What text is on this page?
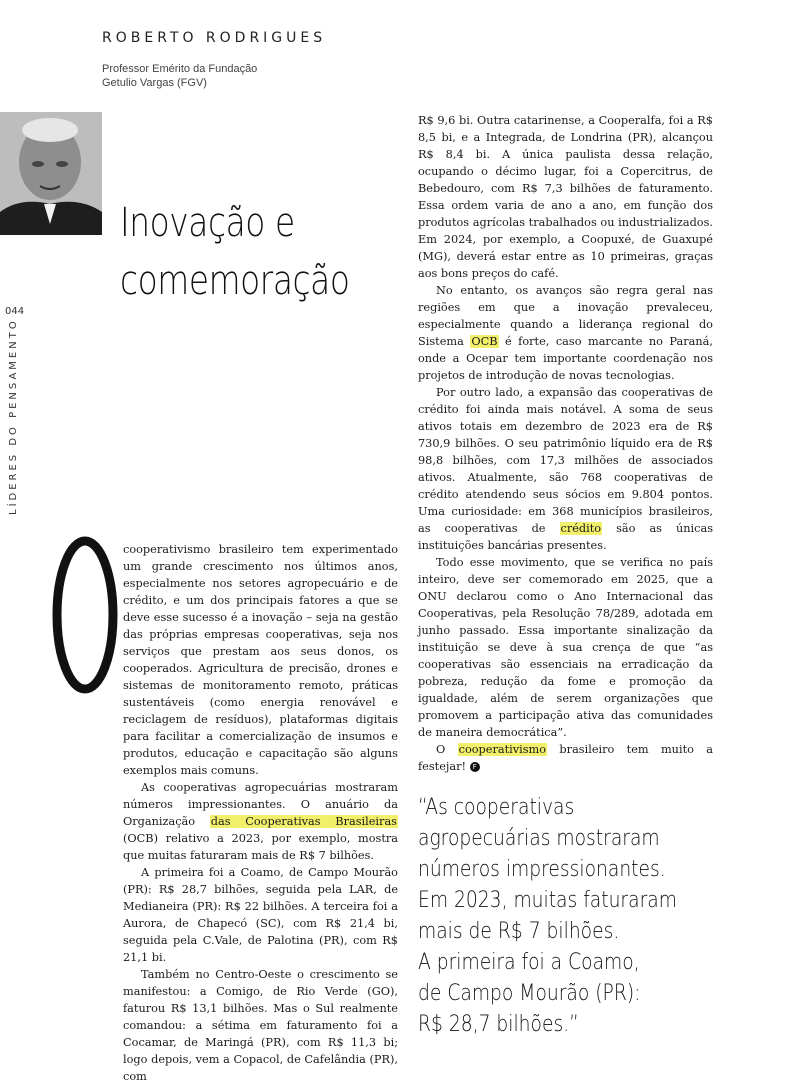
ROBERTO RODRIGUES
Professor Emérito da Fundação
Getulio Vargas (FGV)
Inovação e
comemoração
044
LÍDERES DO PENSAMENTO

cooperativismo brasileiro tem experimentado um grande crescimento nos últimos anos, especialmente nos setores agropecuário e de crédito, e um dos principais fatores a que se deve esse sucesso é a inovação – seja na gestão das próprias empresas cooperativas, seja nos serviços que prestam aos seus donos, os cooperados. Agricultura de precisão, drones e sistemas de monitoramento remoto, práticas sustentáveis (como energia renovável e reciclagem de resíduos), plataformas digitais para facilitar a comercialização de insumos e produtos, educação e capacitação são alguns exemplos mais comuns.

As cooperativas agropecuárias mostraram números impressionantes. O anuário da Organização das Cooperativas Brasileiras (OCB) relativo a 2023, por exemplo, mostra que muitas faturaram mais de R$ 7 bilhões.

A primeira foi a Coamo, de Campo Mourão (PR): R$ 28,7 bilhões, seguida pela LAR, de Medianeira (PR): R$ 22 bilhões. A terceira foi a Aurora, de Chapecó (SC), com R$ 21,4 bi, seguida pela C.Vale, de Palotina (PR), com R$ 21,1 bi.

Também no Centro-Oeste o crescimento se manifestou: a Comigo, de Rio Verde (GO), faturou R$ 13,1 bilhões. Mas o Sul realmente comandou: a sétima em faturamento foi a Cocamar, de Maringá (PR), com R$ 11,3 bi; logo depois, vem a Copacol, de Cafelândia (PR), com

R$ 9,6 bi. Outra catarinense, a Cooperalfa, foi a R$ 8,5 bi, e a Integrada, de Londrina (PR), alcançou R$ 8,4 bi. A única paulista dessa relação, ocupando o décimo lugar, foi a Copercitrus, de Bebedouro, com R$ 7,3 bilhões de faturamento. Essa ordem varia de ano a ano, em função dos produtos agrícolas trabalhados ou industrializados. Em 2024, por exemplo, a Coopuxé, de Guaxupé (MG), deverá estar entre as 10 primeiras, graças aos bons preços do café.

No entanto, os avanços são regra geral nas regiões em que a inovação prevaleceu, especialmente quando a liderança regional do Sistema OCB é forte, caso marcante no Paraná, onde a Ocepar tem importante coordenação nos projetos de introdução de novas tecnologias.

Por outro lado, a expansão das cooperativas de crédito foi ainda mais notável. A soma de seus ativos totais em dezembro de 2023 era de R$ 730,9 bilhões. O seu patrimônio líquido era de R$ 98,8 bilhões, com 17,3 milhões de associados ativos. Atualmente, são 768 cooperativas de crédito atendendo seus sócios em 9.804 pontos. Uma curiosidade: em 368 municípios brasileiros, as cooperativas de crédito são as únicas instituições bancárias presentes.

Todo esse movimento, que se verifica no país inteiro, deve ser comemorado em 2025, que a ONU declarou como o Ano Internacional das Cooperativas, pela Resolução 78/289, adotada em junho passado. Essa importante sinalização da instituição se deve à sua crença de que “as cooperativas são essenciais na erradicação da pobreza, redução da fome e promoção da igualdade, além de serem organizações que promovem a participação ativa das comunidades de maneira democrática”.

O cooperativismo brasileiro tem muito a festejar! F

“As cooperativas
agropecuárias mostraram
números impressionantes.
Em 2023, muitas faturaram
mais de R$ 7 bilhões.
A primeira foi a Coamo,
de Campo Mourão (PR):
R$ 28,7 bilhões.”
